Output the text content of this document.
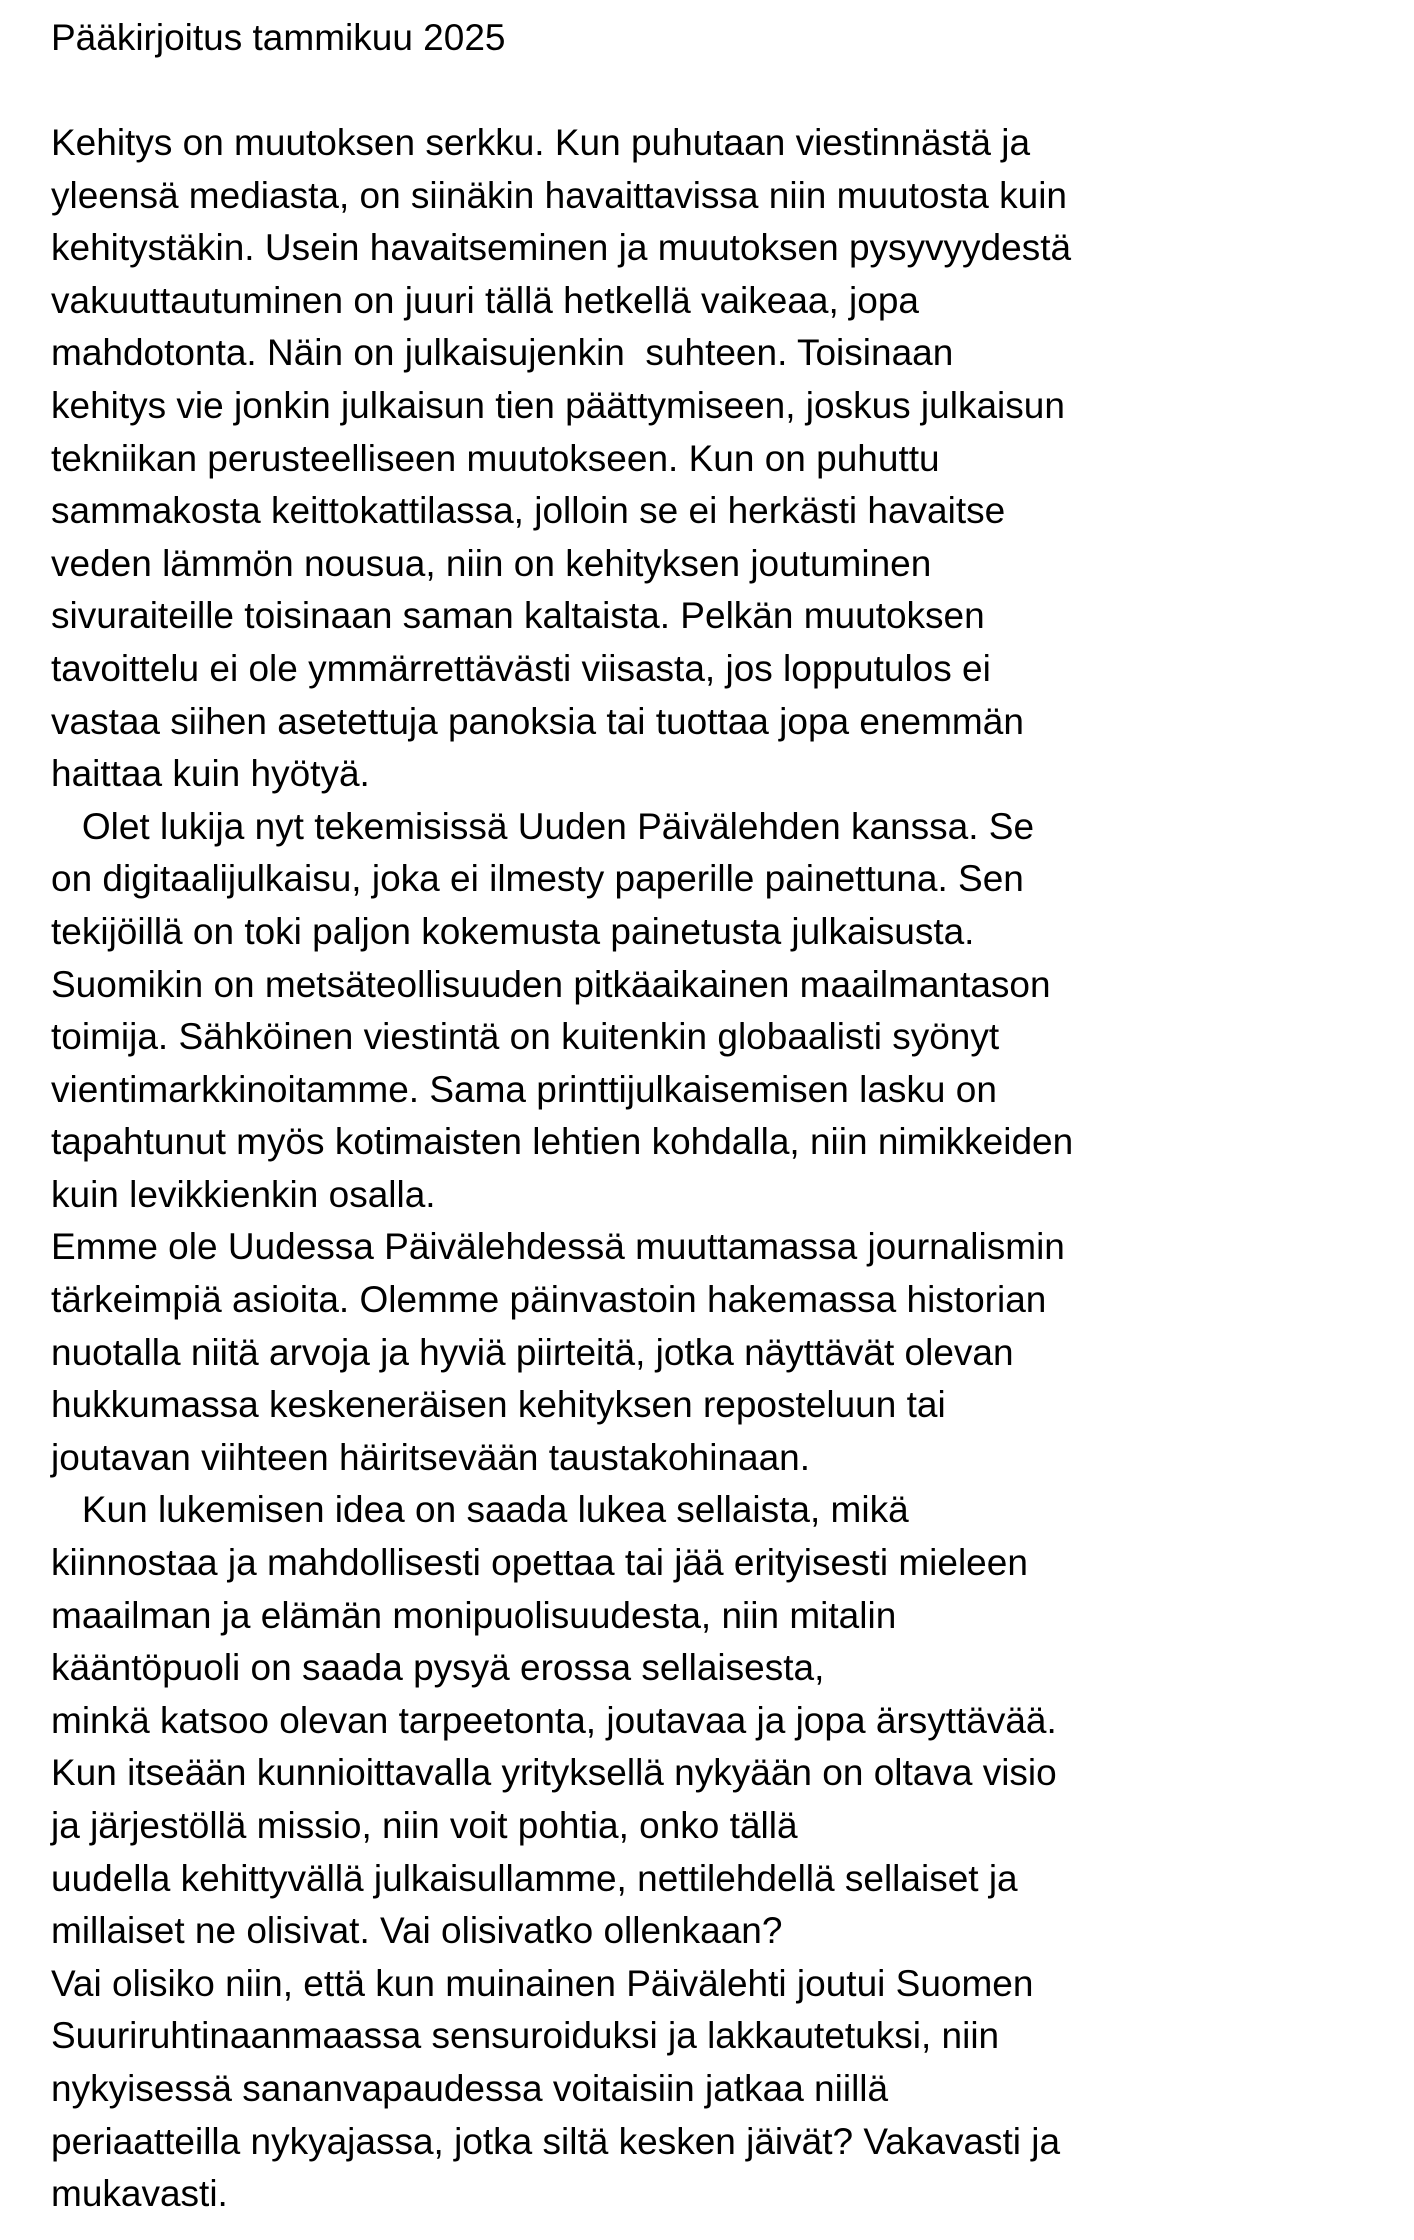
Pääkirjoitus tammikuu 2025
Kehitys on muutoksen serkku. Kun puhutaan viestinnästä ja
yleensä mediasta, on siinäkin havaittavissa niin muutosta kuin
kehitystäkin. Usein havaitseminen ja muutoksen pysyvyydestä
vakuuttautuminen on juuri tällä hetkellä vaikeaa, jopa
mahdotonta. Näin on julkaisujenkin  suhteen. Toisinaan
kehitys vie jonkin julkaisun tien päättymiseen, joskus julkaisun
tekniikan perusteelliseen muutokseen. Kun on puhuttu
sammakosta keittokattilassa, jolloin se ei herkästi havaitse
veden lämmön nousua, niin on kehityksen joutuminen
sivuraiteille toisinaan saman kaltaista. Pelkän muutoksen
tavoittelu ei ole ymmärrettävästi viisasta, jos lopputulos ei
vastaa siihen asetettuja panoksia tai tuottaa jopa enemmän
haittaa kuin hyötyä.
Olet lukija nyt tekemisissä Uuden Päivälehden kanssa. Se
on digitaalijulkaisu, joka ei ilmesty paperille painettuna. Sen
tekijöillä on toki paljon kokemusta painetusta julkaisusta.
Suomikin on metsäteollisuuden pitkäaikainen maailmantason
toimija. Sähköinen viestintä on kuitenkin globaalisti syönyt
vientimarkkinoitamme. Sama printtijulkaisemisen lasku on
tapahtunut myös kotimaisten lehtien kohdalla, niin nimikkeiden
kuin levikkienkin osalla.
Emme ole Uudessa Päivälehdessä muuttamassa journalismin
tärkeimpiä asioita. Olemme päinvastoin hakemassa historian
nuotalla niitä arvoja ja hyviä piirteitä, jotka näyttävät olevan
hukkumassa keskeneräisen kehityksen reposteluun tai
joutavan viihteen häiritsevään taustakohinaan.
Kun lukemisen idea on saada lukea sellaista, mikä
kiinnostaa ja mahdollisesti opettaa tai jää erityisesti mieleen
maailman ja elämän monipuolisuudesta, niin mitalin
kääntöpuoli on saada pysyä erossa sellaisesta,
minkä katsoo olevan tarpeetonta, joutavaa ja jopa ärsyttävää.
Kun itseään kunnioittavalla yrityksellä nykyään on oltava visio
ja järjestöllä missio, niin voit pohtia, onko tällä
uudella kehittyvällä julkaisullamme, nettilehdellä sellaiset ja
millaiset ne olisivat. Vai olisivatko ollenkaan?
Vai olisiko niin, että kun muinainen Päivälehti joutui Suomen
Suuriruhtinaanmaassa sensuroiduksi ja lakkautetuksi, niin
nykyisessä sananvapaudessa voitaisiin jatkaa niillä
periaatteilla nykyajassa, jotka siltä kesken jäivät? Vakavasti ja
mukavasti.
